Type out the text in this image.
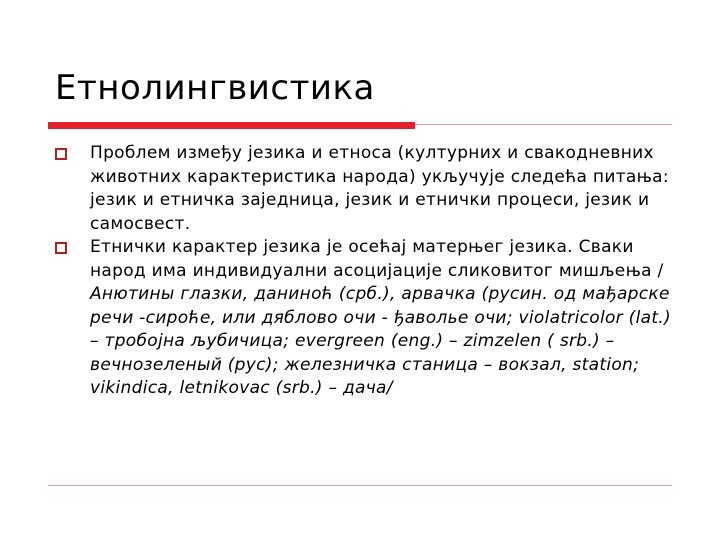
Етнолингвистика
Проблем између језика и етноса (културних и свакодневних животних карактеристика народа) укључује следећа питања: језик и етничка заједница, језик и етнички процеси, језик и самосвест.
Етнички карактер језика је осећај матерњег језика. Сваки народ има индивидуални асоцијације сликовитог мишљења /Анютины глазки, даниноћ (срб.), арвачка (русин. од мађарске речи -сироће, или дяблово очи - ђаволье очи; violatricolor (lat.) – тробојна љубичица; evergreen (eng.) – zimzelen ( srb.) – вечнозеленый (рус); железничка станица – вокзал, station; vikindica, letnikovac (srb.) – дача/
